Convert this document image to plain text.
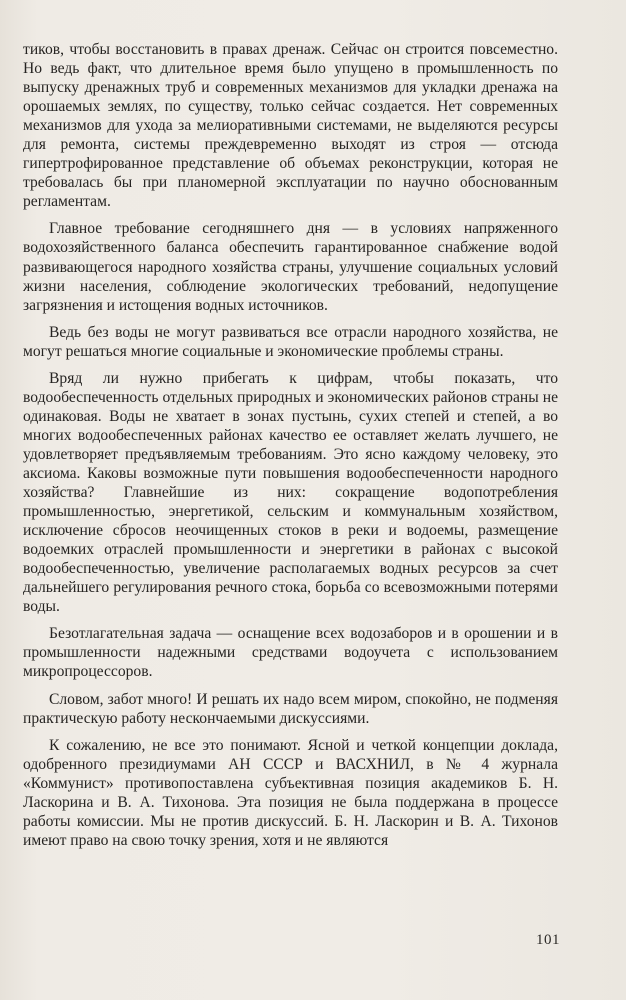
тиков, чтобы восстановить в правах дренаж. Сейчас он строится повсеместно. Но ведь факт, что длительное время было упущено в промышленность по выпуску дренажных труб и современных механизмов для укладки дренажа на орошаемых землях, по существу, только сейчас создается. Нет современных механизмов для ухода за мелиоративными системами, не выделяются ресурсы для ремонта, системы преждевременно выходят из строя — отсюда гипертрофированное представление об объемах реконструкции, которая не требовалась бы при планомерной эксплуатации по научно обоснованным регламентам.

Главное требование сегодняшнего дня — в условиях напряженного водохозяйственного баланса обеспечить гарантированное снабжение водой развивающегося народного хозяйства страны, улучшение социальных условий жизни населения, соблюдение экологических требований, недопущение загрязнения и истощения водных источников.

Ведь без воды не могут развиваться все отрасли народного хозяйства, не могут решаться многие социальные и экономические проблемы страны.

Вряд ли нужно прибегать к цифрам, чтобы показать, что водообеспеченность отдельных природных и экономических районов страны не одинаковая. Воды не хватает в зонах пустынь, сухих степей и степей, а во многих водообеспеченных районах качество ее оставляет желать лучшего, не удовлетворяет предъявляемым требованиям. Это ясно каждому человеку, это аксиома. Каковы возможные пути повышения водообеспеченности народного хозяйства? Главнейшие из них: сокращение водопотребления промышленностью, энергетикой, сельским и коммунальным хозяйством, исключение сбросов неочищенных стоков в реки и водоемы, размещение водоемких отраслей промышленности и энергетики в районах с высокой водообеспеченностью, увеличение располагаемых водных ресурсов за счет дальнейшего регулирования речного стока, борьба со всевозможными потерями воды.

Безотлагательная задача — оснащение всех водозаборов и в орошении и в промышленности надежными средствами водоучета с использованием микропроцессоров.

Словом, забот много! И решать их надо всем миром, спокойно, не подменяя практическую работу нескончаемыми дискуссиями.

К сожалению, не все это понимают. Ясной и четкой концепции доклада, одобренного президиумами АН СССР и ВАСХНИЛ, в № 4 журнала «Коммунист» противопоставлена субъективная позиция академиков Б. Н. Ласкорина и В. А. Тихонова. Эта позиция не была поддержана в процессе работы комиссии. Мы не против дискуссий. Б. Н. Ласкорин и В. А. Тихонов имеют право на свою точку зрения, хотя и не являются

101
